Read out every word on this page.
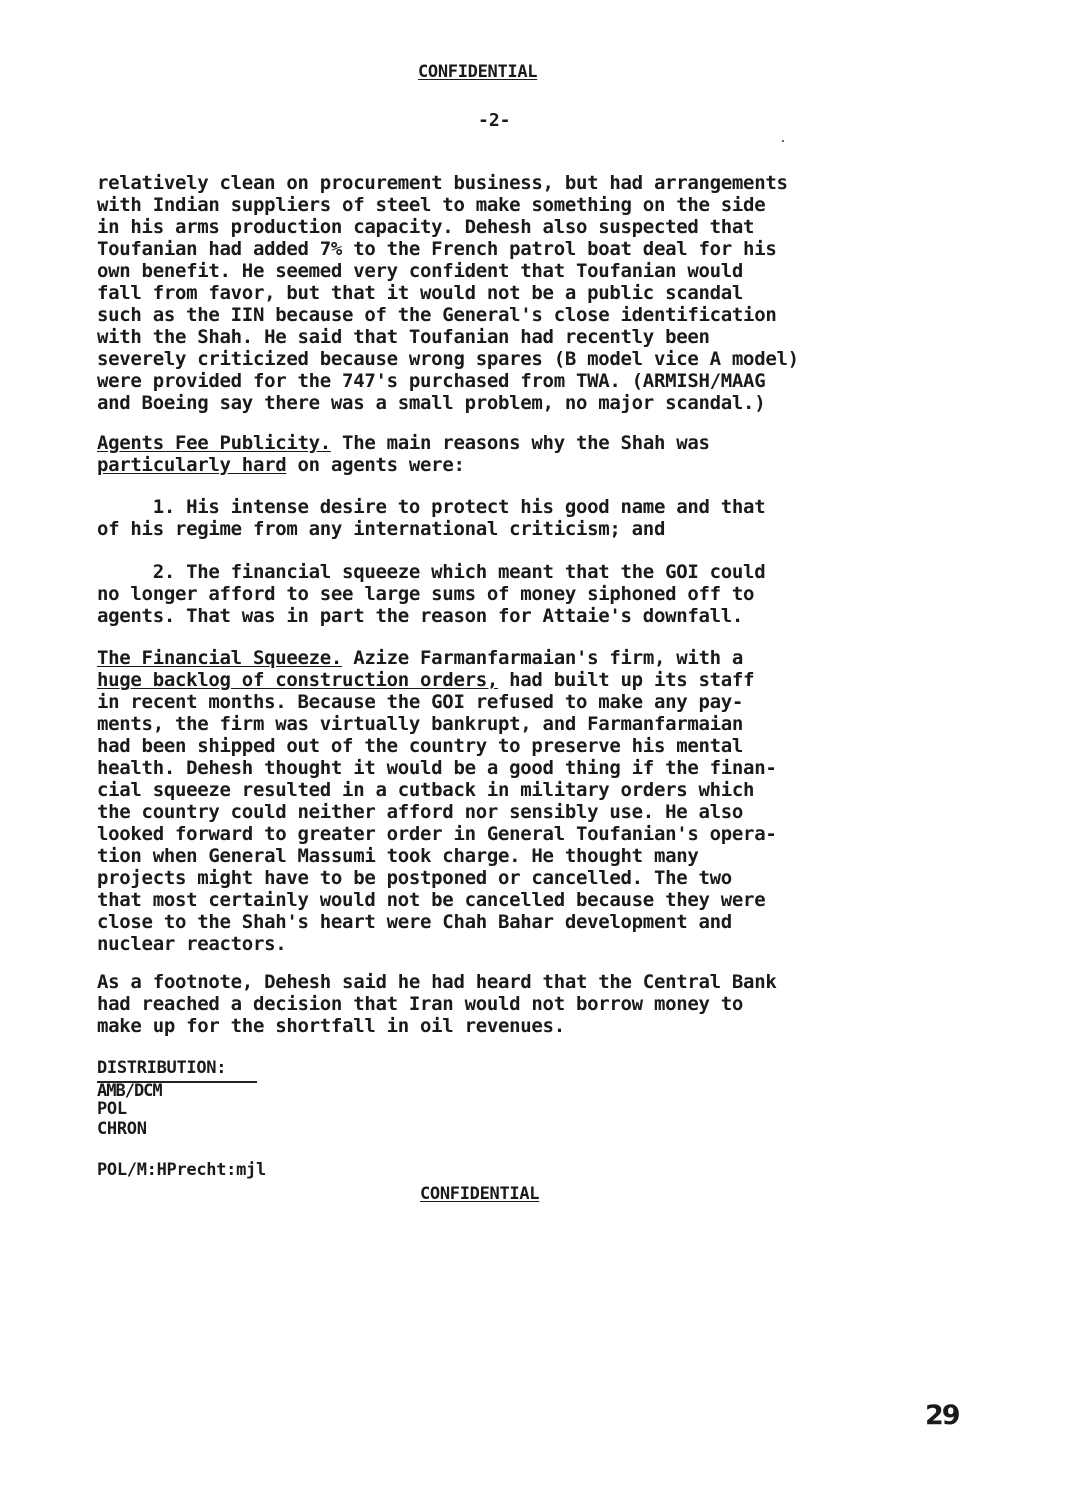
CONFIDENTIAL
-2-
relatively clean on procurement business, but had arrangements
with Indian suppliers of steel to make something on the side
in his arms production capacity. Dehesh also suspected that
Toufanian had added 7% to the French patrol boat deal for his
own benefit. He seemed very confident that Toufanian would
fall from favor, but that it would not be a public scandal
such as the IIN because of the General's close identification
with the Shah. He said that Toufanian had recently been
severely criticized because wrong spares (B model vice A model)
were provided for the 747's purchased from TWA. (ARMISH/MAAG
and Boeing say there was a small problem, no major scandal.)
Agents Fee Publicity. The main reasons why the Shah was
particularly hard on agents were:
1. His intense desire to protect his good name and that
of his regime from any international criticism; and
2. The financial squeeze which meant that the GOI could
no longer afford to see large sums of money siphoned off to
agents. That was in part the reason for Attaie's downfall.
The Financial Squeeze. Azize Farmanfarmaian's firm, with a
huge backlog of construction orders, had built up its staff
in recent months. Because the GOI refused to make any pay-
ments, the firm was virtually bankrupt, and Farmanfarmaian
had been shipped out of the country to preserve his mental
health. Dehesh thought it would be a good thing if the finan-
cial squeeze resulted in a cutback in military orders which
the country could neither afford nor sensibly use. He also
looked forward to greater order in General Toufanian's opera-
tion when General Massumi took charge. He thought many
projects might have to be postponed or cancelled. The two
that most certainly would not be cancelled because they were
close to the Shah's heart were Chah Bahar development and
nuclear reactors.
As a footnote, Dehesh said he had heard that the Central Bank
had reached a decision that Iran would not borrow money to
make up for the shortfall in oil revenues.
DISTRIBUTION:
AMB/DCM
POL
CHRON
POL/M:HPrecht:mjl
CONFIDENTIAL
29
